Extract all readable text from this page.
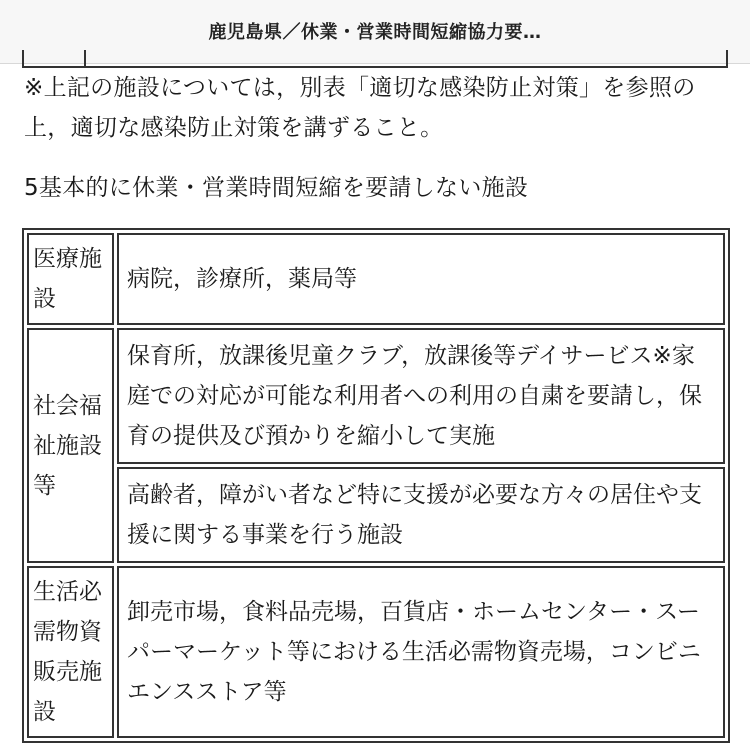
鹿児島県／休業・営業時間短縮協力要…
※上記の施設については，別表「適切な感染防止対策」を参照の上，適切な感染防止対策を講ずること。
5基本的に休業・営業時間短縮を要請しない施設
医療施設	病院，診療所，薬局等
社会福祉施設等	保育所，放課後児童クラブ，放課後等デイサービス※家庭での対応が可能な利用者への利用の自粛を要請し，保育の提供及び預かりを縮小して実施
	高齢者，障がい者など特に支援が必要な方々の居住や支援に関する事業を行う施設
生活必需物資販売施設	卸売市場，食料品売場，百貨店・ホームセンター・スーパーマーケット等における生活必需物資売場，コンビニエンスストア等
